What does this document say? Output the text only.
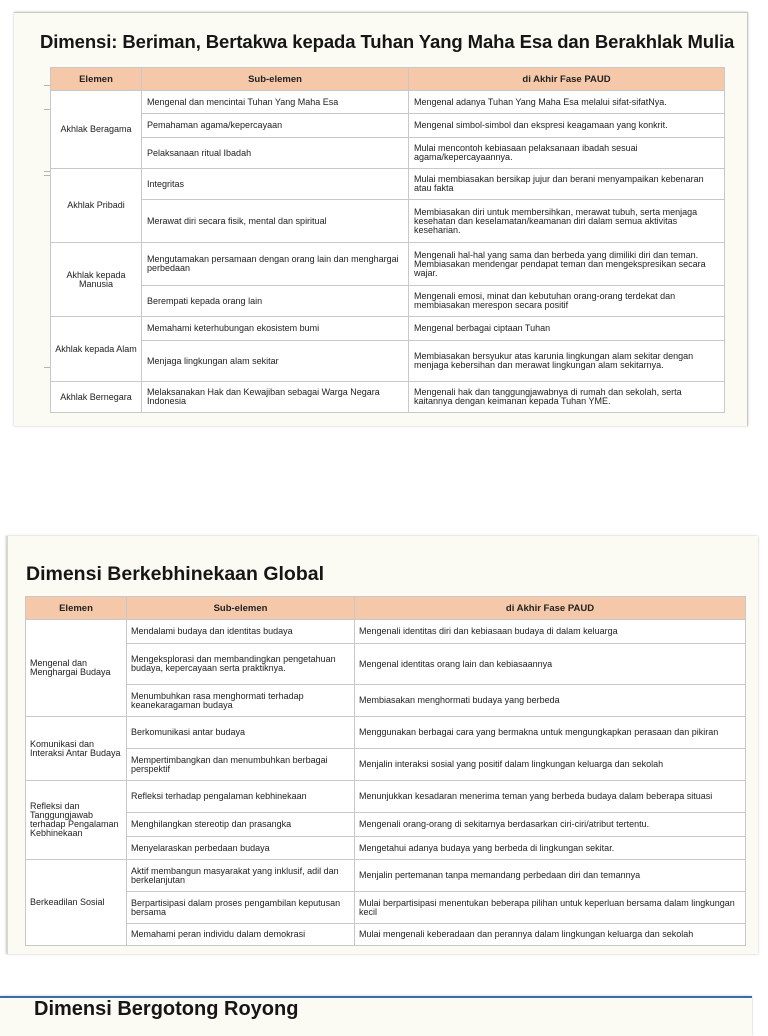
Dimensi: Beriman, Bertakwa kepada Tuhan Yang Maha Esa dan Berakhlak Mulia
Elemen	Sub-elemen	di Akhir Fase PAUD
Akhlak Beragama	Mengenal dan mencintai Tuhan Yang Maha Esa	Mengenal adanya Tuhan Yang Maha Esa melalui sifat-sifatNya.
	Pemahaman agama/kepercayaan	Mengenal simbol-simbol dan ekspresi keagamaan yang konkrit.
	Pelaksanaan ritual Ibadah	Mulai mencontoh kebiasaan pelaksanaan ibadah sesuai agama/kepercayaannya.
Akhlak Pribadi	Integritas	Mulai membiasakan bersikap jujur dan berani menyampaikan kebenaran atau fakta
	Merawat diri secara fisik, mental dan spiritual	Membiasakan diri untuk membersihkan, merawat tubuh, serta menjaga kesehatan dan keselamatan/keamanan diri dalam semua aktivitas keseharian.
Akhlak kepada Manusia	Mengutamakan persamaan dengan orang lain dan menghargai perbedaan	Mengenali hal-hal yang sama dan berbeda yang dimiliki diri dan teman. Membiasakan mendengar pendapat teman dan mengekspresikan secara wajar.
	Berempati kepada orang lain	Mengenali emosi, minat dan kebutuhan orang-orang terdekat dan membiasakan merespon secara positif
Akhlak kepada Alam	Memahami keterhubungan ekosistem bumi	Mengenal berbagai ciptaan Tuhan
	Menjaga lingkungan alam sekitar	Membiasakan bersyukur atas karunia lingkungan alam sekitar dengan menjaga kebersihan dan merawat lingkungan alam sekitarnya.
Akhlak Bernegara	Melaksanakan Hak dan Kewajiban sebagai Warga Negara Indonesia	Mengenali hak dan tanggungjawabnya di rumah dan sekolah, serta kaitannya dengan keimanan kepada Tuhan YME.
Dimensi Berkebhinekaan Global
Elemen	Sub-elemen	di Akhir Fase PAUD
Mengenal dan Menghargai Budaya	Mendalami budaya dan identitas budaya	Mengenali identitas diri dan kebiasaan budaya di dalam keluarga
	Mengeksplorasi dan membandingkan pengetahuan budaya, kepercayaan serta praktiknya.	Mengenal identitas orang lain dan kebiasaannya
	Menumbuhkan rasa menghormati terhadap keanekaragaman budaya	Membiasakan menghormati budaya yang berbeda
Komunikasi dan Interaksi Antar Budaya	Berkomunikasi antar budaya	Menggunakan berbagai cara yang bermakna untuk mengungkapkan perasaan dan pikiran
	Mempertimbangkan dan menumbuhkan berbagai perspektif	Menjalin interaksi sosial yang positif dalam lingkungan keluarga dan sekolah
Refleksi dan Tanggungjawab terhadap Pengalaman Kebhinekaan	Refleksi terhadap pengalaman kebhinekaan	Menunjukkan kesadaran menerima teman yang berbeda budaya dalam beberapa situasi
	Menghilangkan stereotip dan prasangka	Mengenali orang-orang di sekitarnya berdasarkan ciri-ciri/atribut tertentu.
	Menyelaraskan perbedaan budaya	Mengetahui adanya budaya yang berbeda di lingkungan sekitar.
Berkeadilan Sosial	Aktif membangun masyarakat yang inklusif, adil dan berkelanjutan	Menjalin pertemanan tanpa memandang perbedaan diri dan temannya
	Berpartisipasi dalam proses pengambilan keputusan bersama	Mulai berpartisipasi menentukan beberapa pilihan untuk keperluan bersama dalam lingkungan kecil
	Memahami peran individu dalam demokrasi	Mulai mengenali keberadaan dan perannya dalam lingkungan keluarga dan sekolah
Dimensi Bergotong Royong
